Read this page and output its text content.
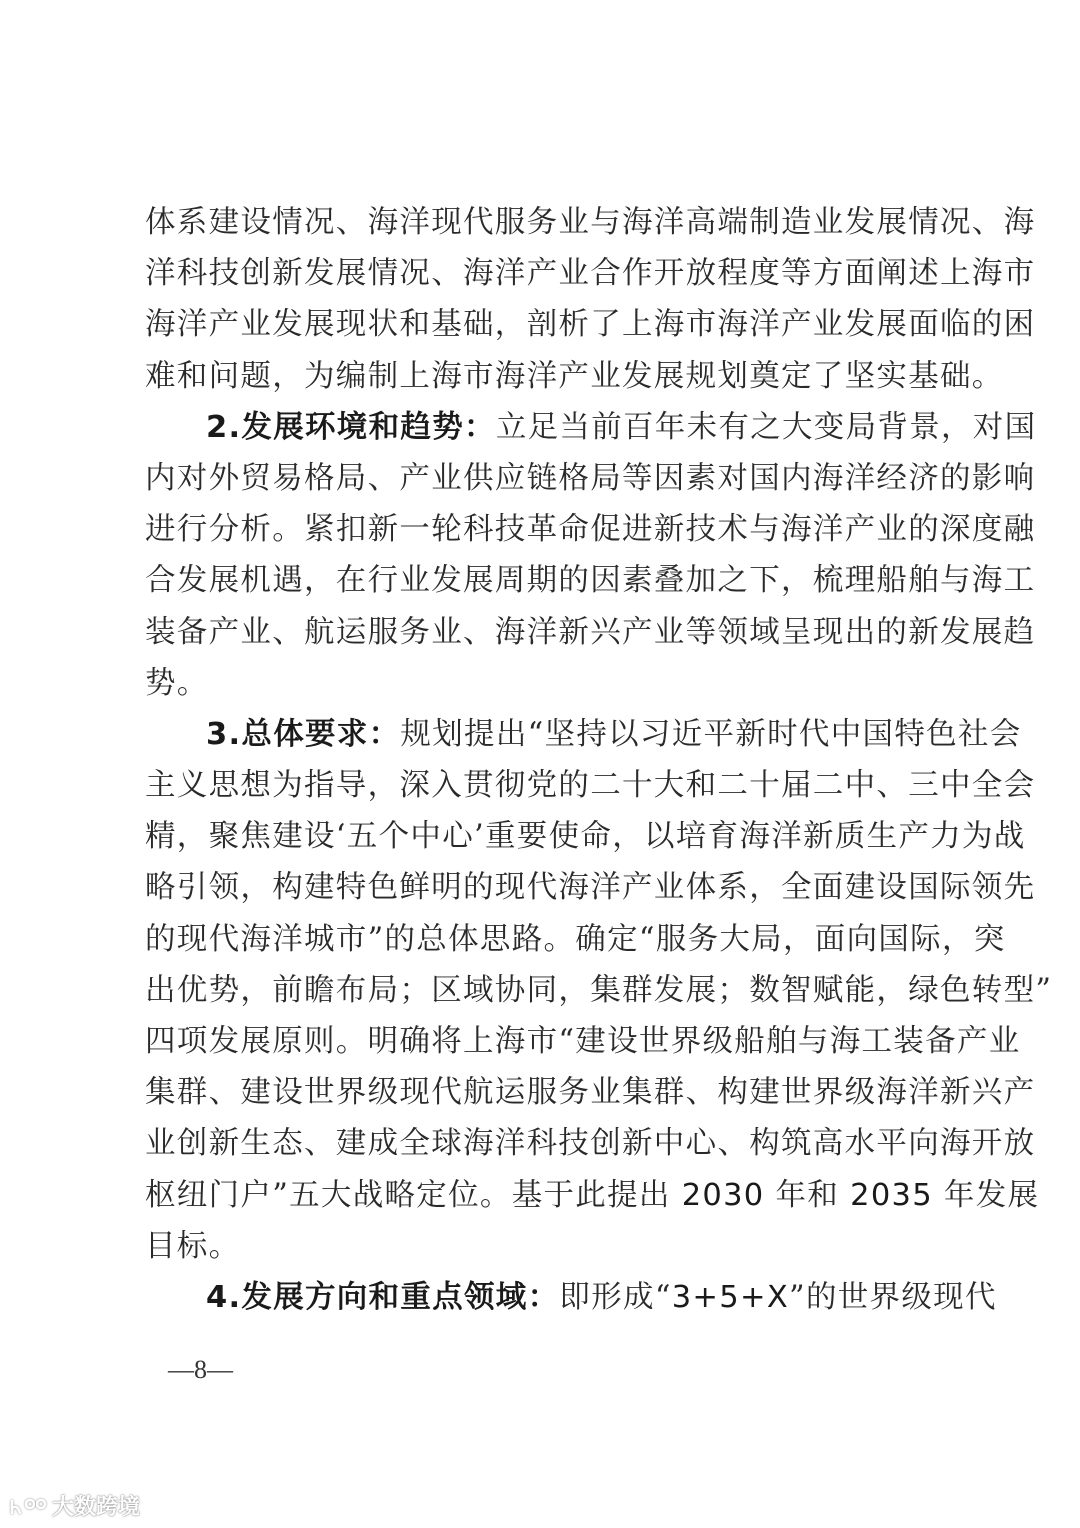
体系建设情况、海洋现代服务业与海洋高端制造业发展情况、海
洋科技创新发展情况、海洋产业合作开放程度等方面阐述上海市
海洋产业发展现状和基础，剖析了上海市海洋产业发展面临的困
难和问题，为编制上海市海洋产业发展规划奠定了坚实基础。
2.发展环境和趋势：立足当前百年未有之大变局背景，对国
内对外贸易格局、产业供应链格局等因素对国内海洋经济的影响
进行分析。紧扣新一轮科技革命促进新技术与海洋产业的深度融
合发展机遇，在行业发展周期的因素叠加之下，梳理船舶与海工
装备产业、航运服务业、海洋新兴产业等领域呈现出的新发展趋
势。
3.总体要求：规划提出“坚持以习近平新时代中国特色社会
主义思想为指导，深入贯彻党的二十大和二十届二中、三中全会
精，聚焦建设‘五个中心’重要使命，以培育海洋新质生产力为战
略引领，构建特色鲜明的现代海洋产业体系，全面建设国际领先
的现代海洋城市”的总体思路。确定“服务大局，面向国际，突
出优势，前瞻布局；区域协同，集群发展；数智赋能，绿色转型”
四项发展原则。明确将上海市“建设世界级船舶与海工装备产业
集群、建设世界级现代航运服务业集群、构建世界级海洋新兴产
业创新生态、建成全球海洋科技创新中心、构筑高水平向海开放
枢纽门户”五大战略定位。基于此提出 2030 年和 2035 年发展
目标。
4.发展方向和重点领域：即形成“3+5+X”的世界级现代
—8—
大数跨境
